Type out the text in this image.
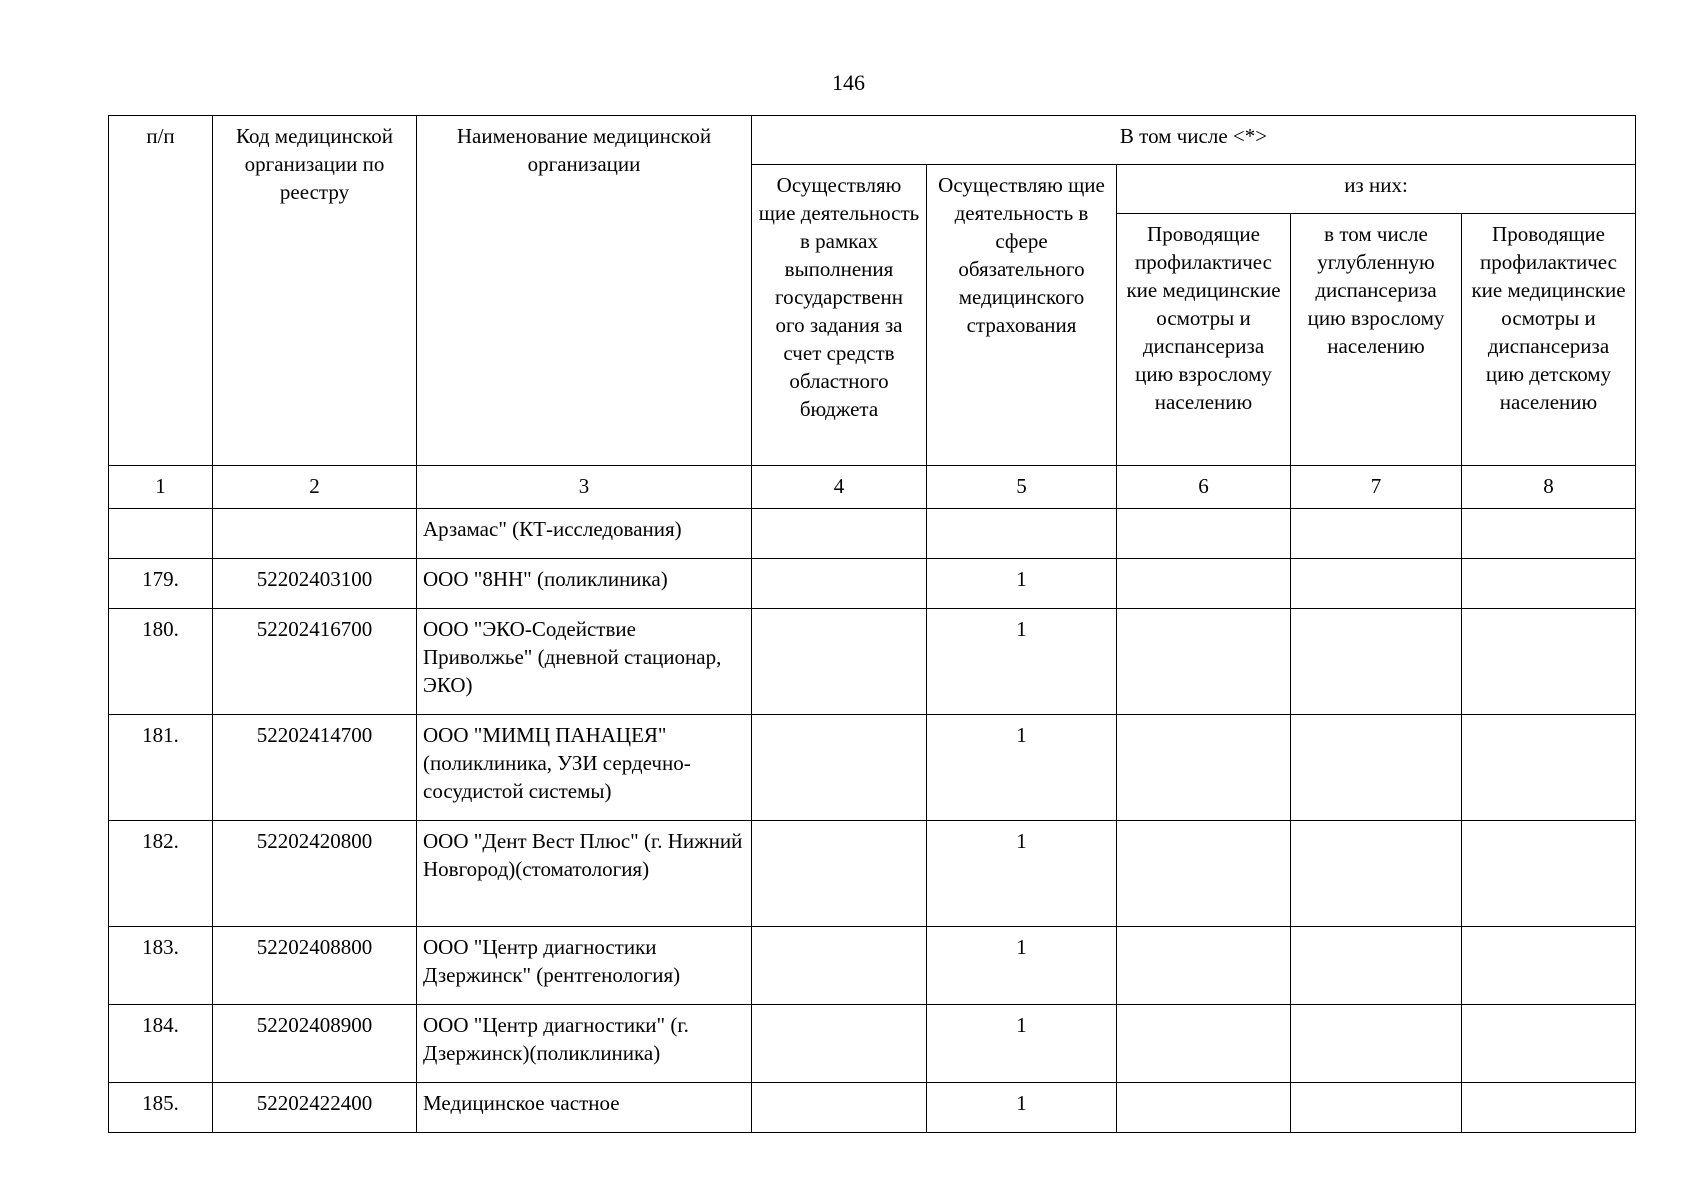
146
п/п	Код медицинской организации по реестру	Наименование медицинской организации	В том числе <*>				
			Осуществляю щие деятельность в рамках выполнения государственн ого задания за счет средств областного бюджета	Осуществляю щие деятельность в сфере обязательного медицинского страхования	из них:		
					Проводящие профилактичес кие медицинские осмотры и диспансериза цию взрослому населению	в том числе углубленную диспансериза цию взрослому населению	Проводящие профилактичес кие медицинские осмотры и диспансериза цию детскому населению
1	2	3	4	5	6	7	8
		Арзамас" (КТ-исследования)					
179.	52202403100	ООО "8НН" (поликлиника)		1			
180.	52202416700	ООО "ЭКО-Содействие Приволжье" (дневной стационар, ЭКО)		1			
181.	52202414700	ООО "МИМЦ ПАНАЦЕЯ" (поликлиника, УЗИ сердечно-сосудистой системы)		1			
182.	52202420800	ООО "Дент Вест Плюс" (г. Нижний Новгород)(стоматология)		1			
183.	52202408800	ООО "Центр диагностики Дзержинск" (рентгенология)		1			
184.	52202408900	ООО "Центр диагностики" (г. Дзержинск)(поликлиника)		1			
185.	52202422400	Медицинское частное		1			
